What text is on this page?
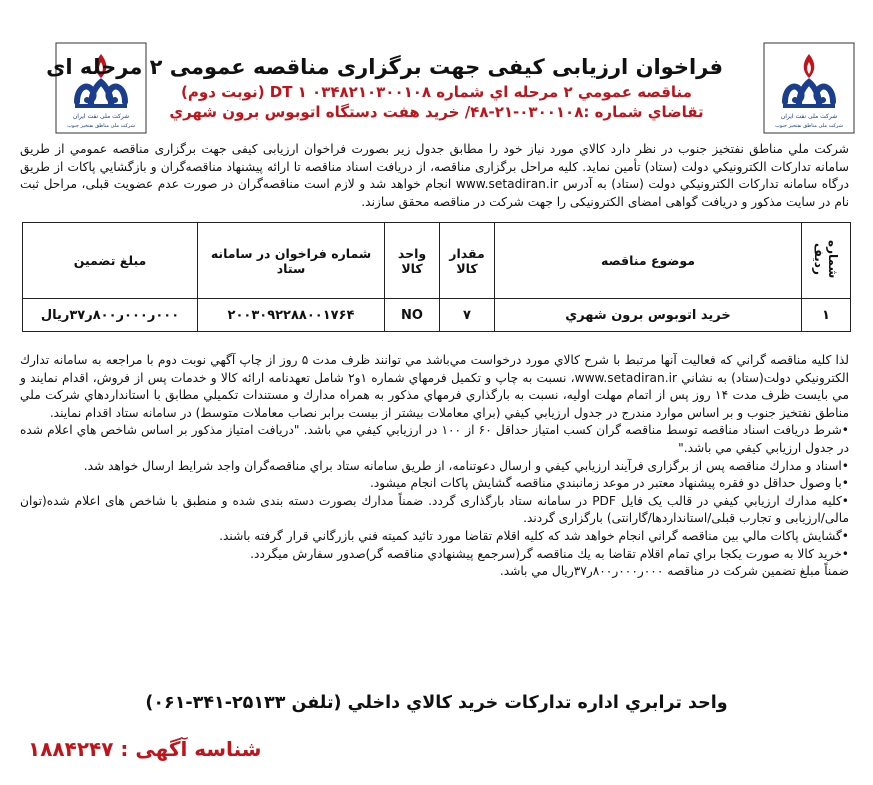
شرکت ملی نفت ایران
شرکت ملی مناطق نفتخیز جنوب
شرکت ملی نفت ایران
شرکت ملی مناطق نفتخیز جنوب
فراخوان ارزيابی كيفی جهت برگزاری مناقصه عمومی ۲ مرحله ای
مناقصه عمومي ۲ مرحله اي شماره DT ۱ ۰۳۴۸۲۱۰۳۰۰۱۰۸ (نوبت دوم)
تقاضاي شماره :۰۳۰۰۱۰۸-۲۱-۴۸/ خريد هفت دستگاه اتوبوس برون شهري
شركت ملي مناطق نفتخيز جنوب در نظر دارد كالاي مورد نياز خود را مطابق جدول زير بصورت فراخوان ارزيابی كيفی جهت برگزاری مناقصه عمومي از طريق سامانه تداركات الكترونيكي دولت (ستاد) تأمين نمايد. كليه مراحل برگزاری مناقصه، از دريافت اسناد مناقصه تا ارائه پيشنهاد مناقصه‌گران و بازگشايي پاكات از طريق درگاه سامانه تداركات الكترونيكي دولت (ستاد) به آدرس www.setadiran.ir انجام خواهد شد و لازم است مناقصه‌گران در صورت عدم عضويت قبلی، مراحل ثبت نام در سايت مذكور و دريافت گواهی امضای الكترونيكی را جهت شركت در مناقصه محقق سازند.
شماره ردیف	موضوع مناقصه	مقدار كالا	واحد كالا	شماره فراخوان در سامانه ستاد	مبلغ تضمين
۱	خريد اتوبوس برون شهري	۷	NO	۲۰۰۳۰۹۲۲۸۸۰۰۱۷۶۴	۰۰۰ر۰۰۰ر۸۰۰ر۳۷ريال

لذا كليه مناقصه گراني كه فعاليت آنها مرتبط با شرح كالاي مورد درخواست مي‌باشد مي توانند ظرف مدت ۵ روز از چاپ آگهي نوبت دوم با مراجعه به سامانه تدارك الكترونيكي دولت(ستاد) به نشاني www.setadiran.ir، نسبت به چاپ و تكميل فرمهاي شماره ۱و۲ شامل تعهدنامه ارائه كالا و خدمات پس از فروش، اقدام نمايند و مي بايست ظرف مدت ۱۴ روز پس از اتمام مهلت اوليه، نسبت به بارگذاري فرمهاي مذكور به همراه مدارك و مستندات تكميلي مطابق با استانداردهاي شركت ملي مناطق نفتخيز جنوب و بر اساس موارد مندرج در جدول ارزيابي كيفي (براي معاملات بيشتر از بيست برابر نصاب معاملات متوسط) در سامانه ستاد اقدام نمايند.

•شرط دريافت اسناد مناقصه توسط مناقصه گران كسب امتياز حداقل ۶۰ از ۱۰۰ در ارزيابي كيفي مي باشد. "دريافت امتياز مذكور بر اساس شاخص هاي اعلام شده در جدول ارزيابي كيفي مي باشد."

•اسناد و مدارك مناقصه پس از برگزاری فرآيند ارزيابي كيفي و ارسال دعوتنامه، از طريق سامانه ستاد براي مناقصه‌گران واجد شرايط ارسال خواهد شد.

•با وصول حداقل دو فقره پيشنهاد معتبر در موعد زمانبندي مناقصه گشايش پاكات انجام ميشود.

•كليه مدارك ارزيابي كيفي در قالب يک فايل PDF در سامانه ستاد بارگذاری گردد. ضمناً مدارك بصورت دسته بندی شده و منطبق با شاخص های اعلام شده(توان مالی/ارزيابی و تجارب قبلی/استانداردها/گارانتی) بارگزاری گردند.

•گشايش پاكات مالي بين مناقصه گراني انجام خواهد شد كه كليه اقلام تقاضا مورد تائيد كميته فني بازرگاني قرار گرفته باشند.

•خريد كالا به صورت يكجا براي تمام اقلام تقاضا به يك مناقصه گر(سرجمع پيشنهادي مناقصه گر)صدور سفارش ميگردد.

ضمناً مبلغ تضمين شركت در مناقصه ۰۰۰ر۰۰۰ر۸۰۰ر۳۷ريال مي باشد.

واحد ترابري اداره تداركات خريد كالاي داخلي (تلفن ۲۵۱۳۳-۳۴۱-۰۶۱)
شناسه آگهی : ۱۸۸۴۲۴۷
